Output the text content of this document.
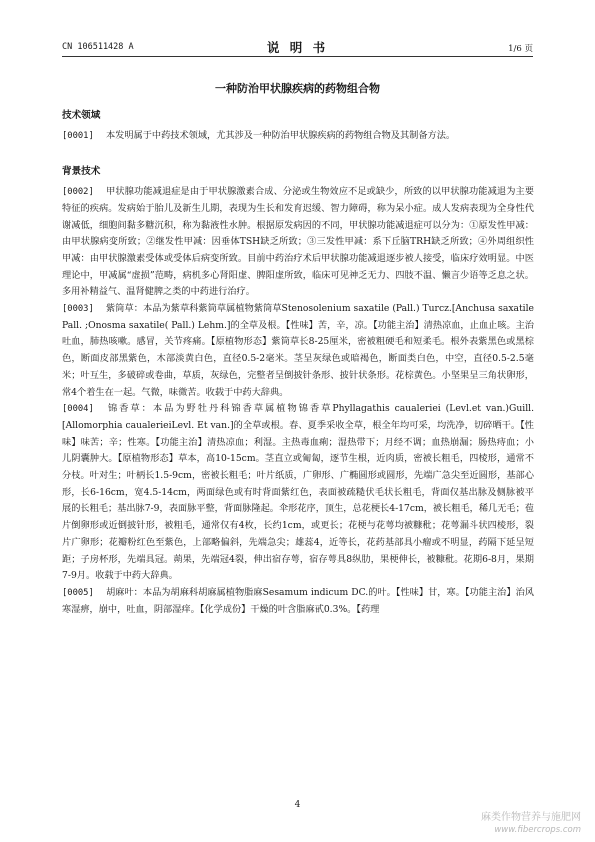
CN 106511428 A	说 明 书	1/6 页
一种防治甲状腺疾病的药物组合物
技术领域

[0001] 本发明属于中药技术领域，尤其涉及一种防治甲状腺疾病的药物组合物及其制备方法。

背景技术

[0002] 甲状腺功能减退症是由于甲状腺激素合成、分泌或生物效应不足或缺少，所致的以甲状腺功能减退为主要特征的疾病。发病始于胎儿及新生儿期，表现为生长和发育迟缓、智力障碍，称为呆小症。成人发病表现为全身性代谢减低，细胞间黏多糖沉积，称为黏液性水肿。根据原发病因的不同，甲状腺功能减退症可以分为：①原发性甲减：由甲状腺病变所致；②继发性甲减：因垂体TSH缺乏所致；③三发性甲减：系下丘脑TRH缺乏所致；④外周组织性甲减：由甲状腺激素受体或受体后病变所致。目前中药治疗术后甲状腺功能减退逐步被人接受，临床疗效明显。中医理论中，甲减属“虚损”范畴，病机多心肾阳虚、脾阳虚所致，临床可见神乏无力、四肢不温、懒言少语等乏息之状。多用补精益气、温肾健脾之类的中药进行治疗。

[0003] 紫筒草：本品为紫草科紫筒草属植物紫筒草Stenosolenium saxatile (Pall.) Turcz.[Anchusa saxatile Pall. ;Onosma saxatile( Pall.) Lehm.]的全草及根。【性味】苦，辛，凉。【功能主治】清热凉血，止血止咳。主治吐血，肺热咳嗽。感冒，关节疼痛。【原植物形态】紫筒草长8-25厘米，密被粗硬毛和短柔毛。根外表紫黑色或黑棕色，断面皮部黑紫色，木部淡黄白色，直径0.5-2毫米。茎呈灰绿色或暗褐色，断面类白色，中空，直径0.5-2.5毫米；叶互生，多破碎或卷曲，草质，灰绿色，完整者呈倒披针条形、披针状条形。花棕黄色。小坚果呈三角状卵形，常4个着生在一起。气微，味微苦。收载于中药大辞典。

[0004] 锦香草：本品为野牡丹科锦香草属植物锦香草Phyllagathis caualeriei (Levl.et van.)Guill.[Allomorphia caualerieiLevl. Et van.]的全草或根。春、夏季采收全草，根全年均可采，均洗净，切碎晒干。【性味】味苦；辛；性寒。【功能主治】清热凉血；利湿。主热毒血痢；湿热带下；月经不调；血热崩漏；肠热痔血；小儿阴囊肿大。【原植物形态】草本，高10-15cm。茎直立或匍匐，逐节生根，近肉质，密被长粗毛，四棱形，通常不分枝。叶对生；叶柄长1.5-9cm，密被长粗毛；叶片纸质，广卵形、广椭圆形或圆形，先端广急尖至近圆形，基部心形，长6-16cm，宽4.5-14cm，两面绿色或有时背面紫红色，表面被疏糙伏毛状长粗毛，背面仅基出脉及侧脉被平展的长粗毛；基出脉7-9，表面脉平整，背面脉隆起。伞形花序，顶生，总花梗长4-17cm，被长粗毛，稀几无毛；苞片倒卵形或近倒披针形，被粗毛，通常仅有4枚，长约1cm，或更长；花梗与花萼均被糠秕；花萼漏斗状四棱形，裂片广卵形；花瓣粉红色至紫色，上部略偏斜，先端急尖；雄蕊4，近等长，花药基部具小瘤或不明显，药隔下延呈短距；子房杯形，先端具冠。蒴果，先端冠4裂，伸出宿存萼，宿存萼具8纵肋，果梗伸长，被糠秕。花期6-8月，果期7-9月。收载于中药大辞典。

[0005] 胡麻叶：本品为胡麻科胡麻属植物脂麻Sesamum indicum DC.的叶。【性味】甘，寒。【功能主治】治风寒湿痹，崩中，吐血，阴部湿痒。【化学成份】干燥的叶含脂麻甙0.3%。【药理

4
麻类作物营养与施肥网
www.fibercrops.com
